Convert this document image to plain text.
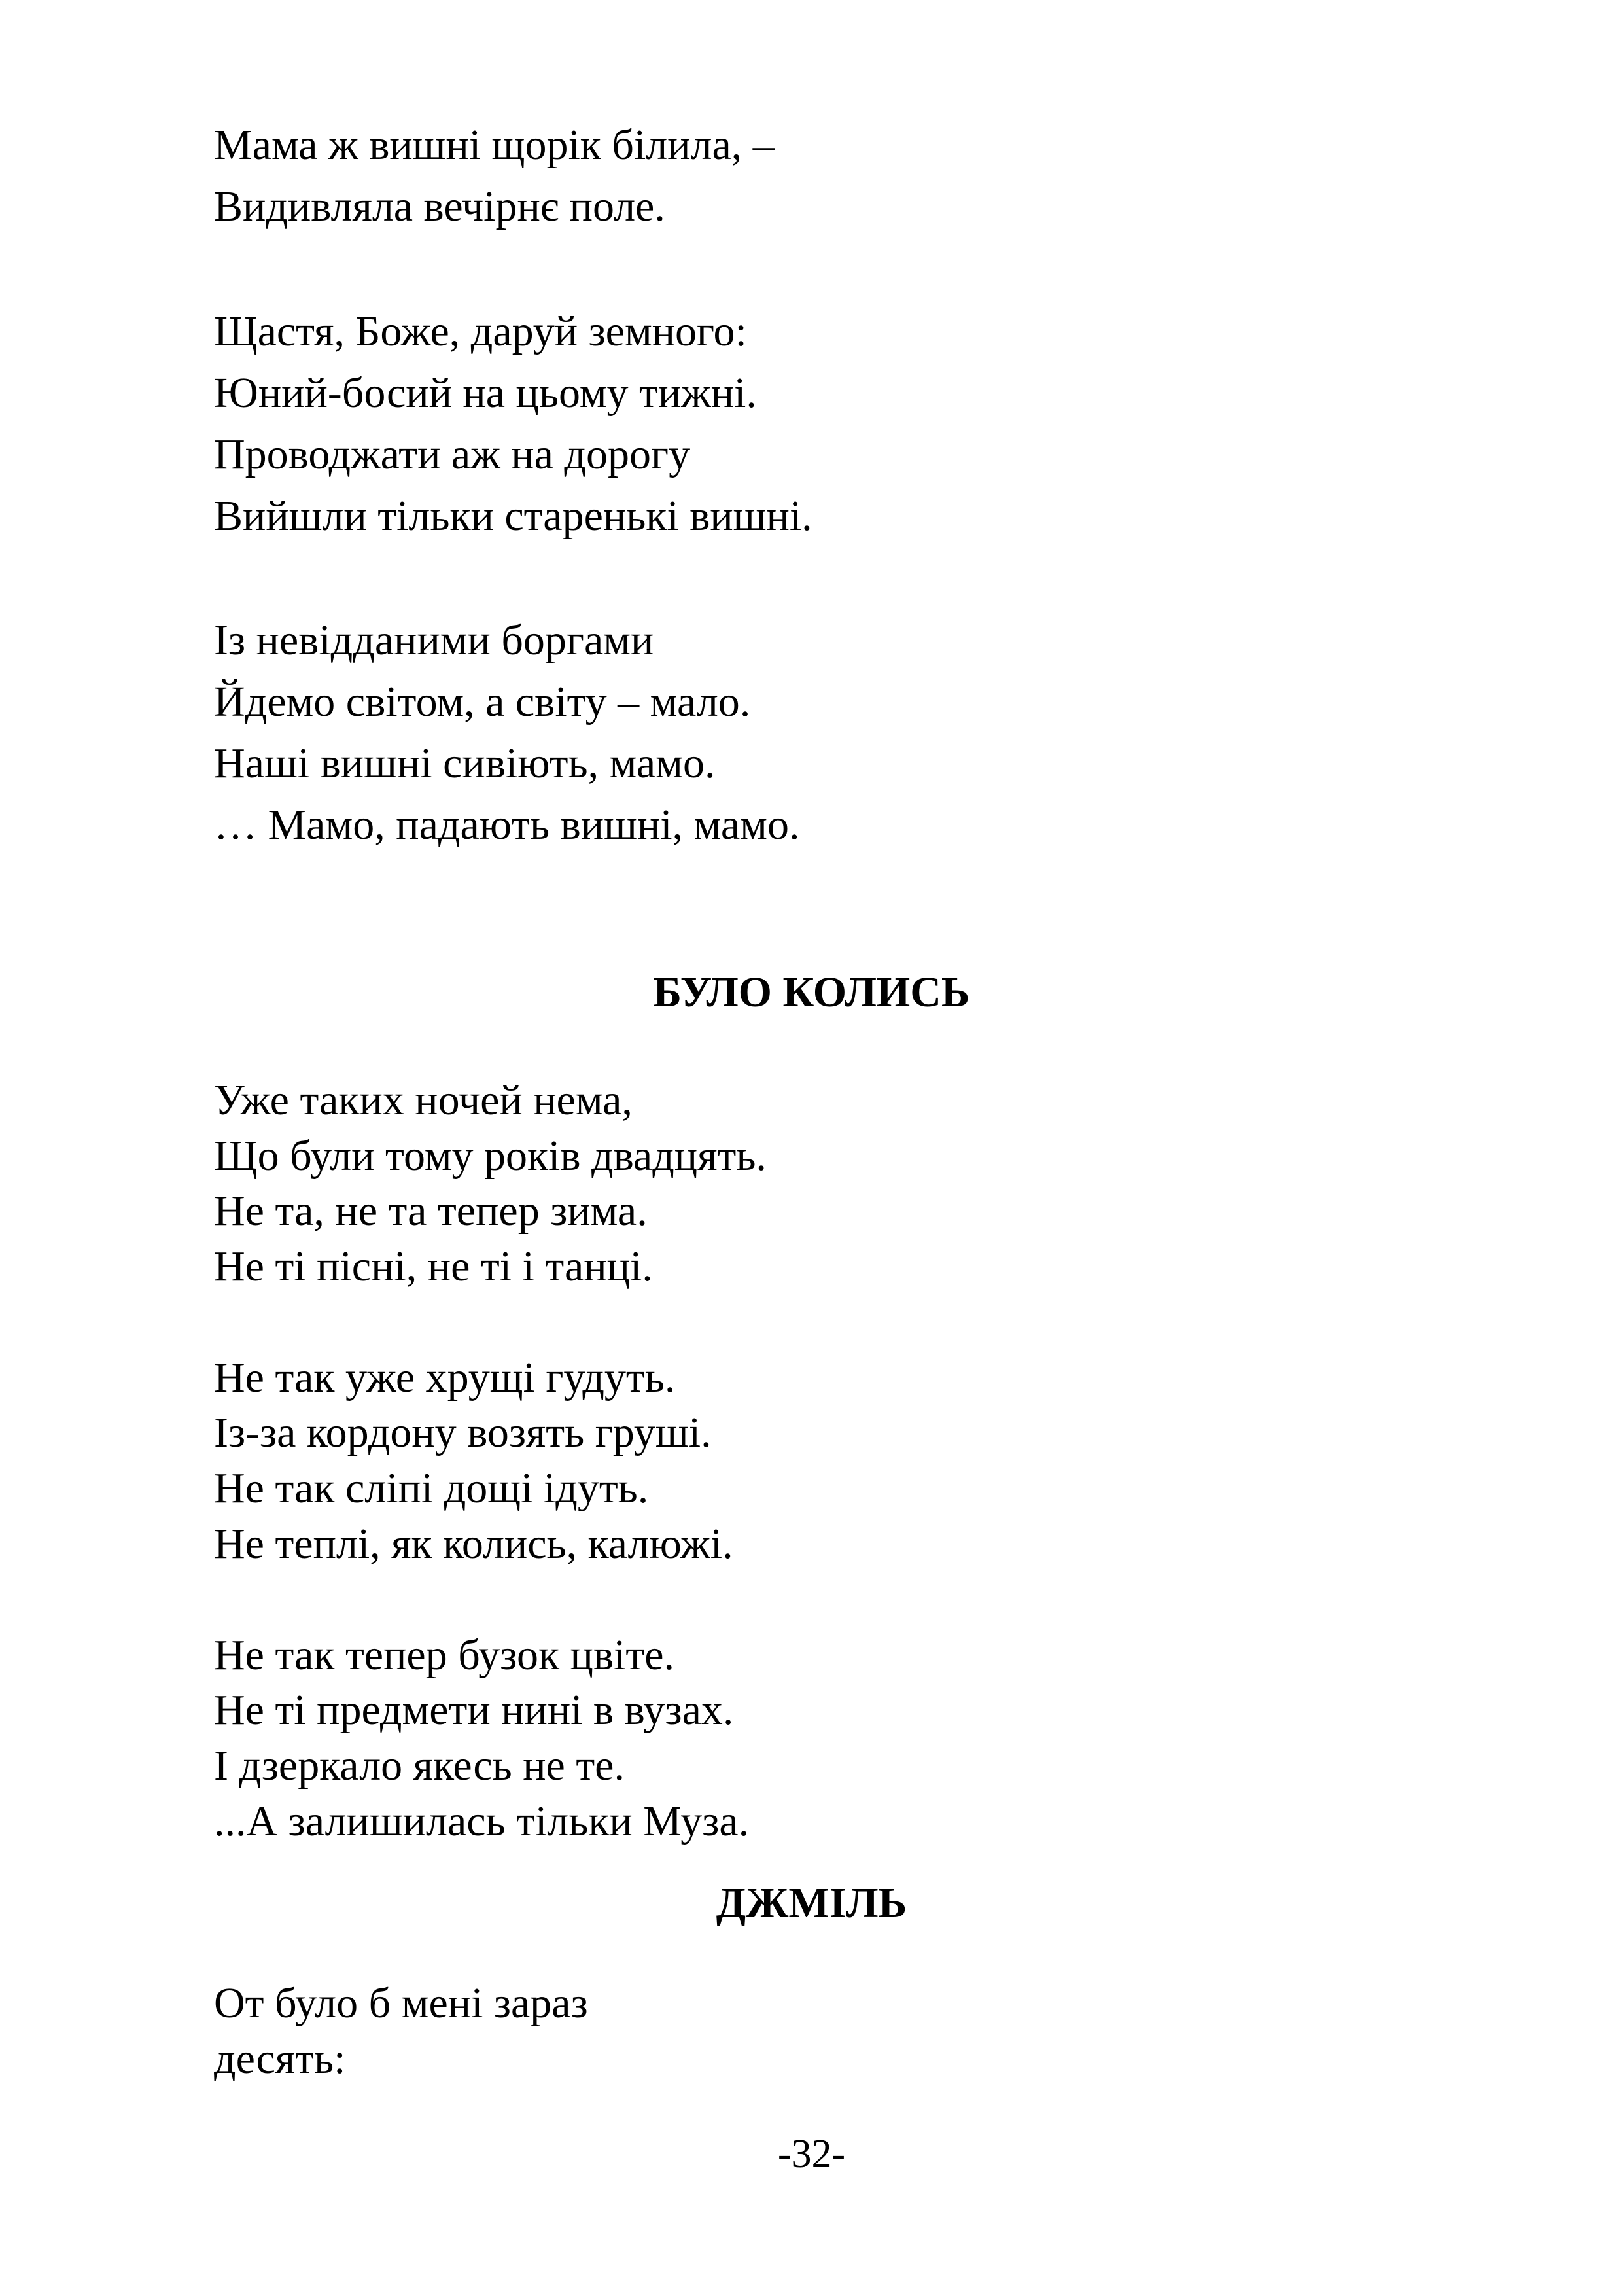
Мама ж вишні щорік білила, –
Видивляла вечірнє поле.
Щастя, Боже, даруй земного:
Юний-босий на цьому тижні.
Проводжати аж на дорогу
Вийшли тільки старенькі вишні.
Із невідданими боргами
Йдемо світом, а світу – мало.
Наші вишні сивіють, мамо.
… Мамо, падають вишні, мамо.
БУЛО КОЛИСЬ
Уже таких ночей нема,
Що були тому років двадцять.
Не та, не та тепер зима.
Не ті пісні, не ті і танці.
Не так уже хрущі гудуть.
Із-за кордону возять груші.
Не так сліпі дощі ідуть.
Не теплі, як колись, калюжі.
Не так тепер бузок цвіте.
Не ті предмети нині в вузах.
І дзеркало якесь не те.
...А залишилась тільки Муза.
ДЖМІЛЬ
От було б мені зараз
десять:
-32-
